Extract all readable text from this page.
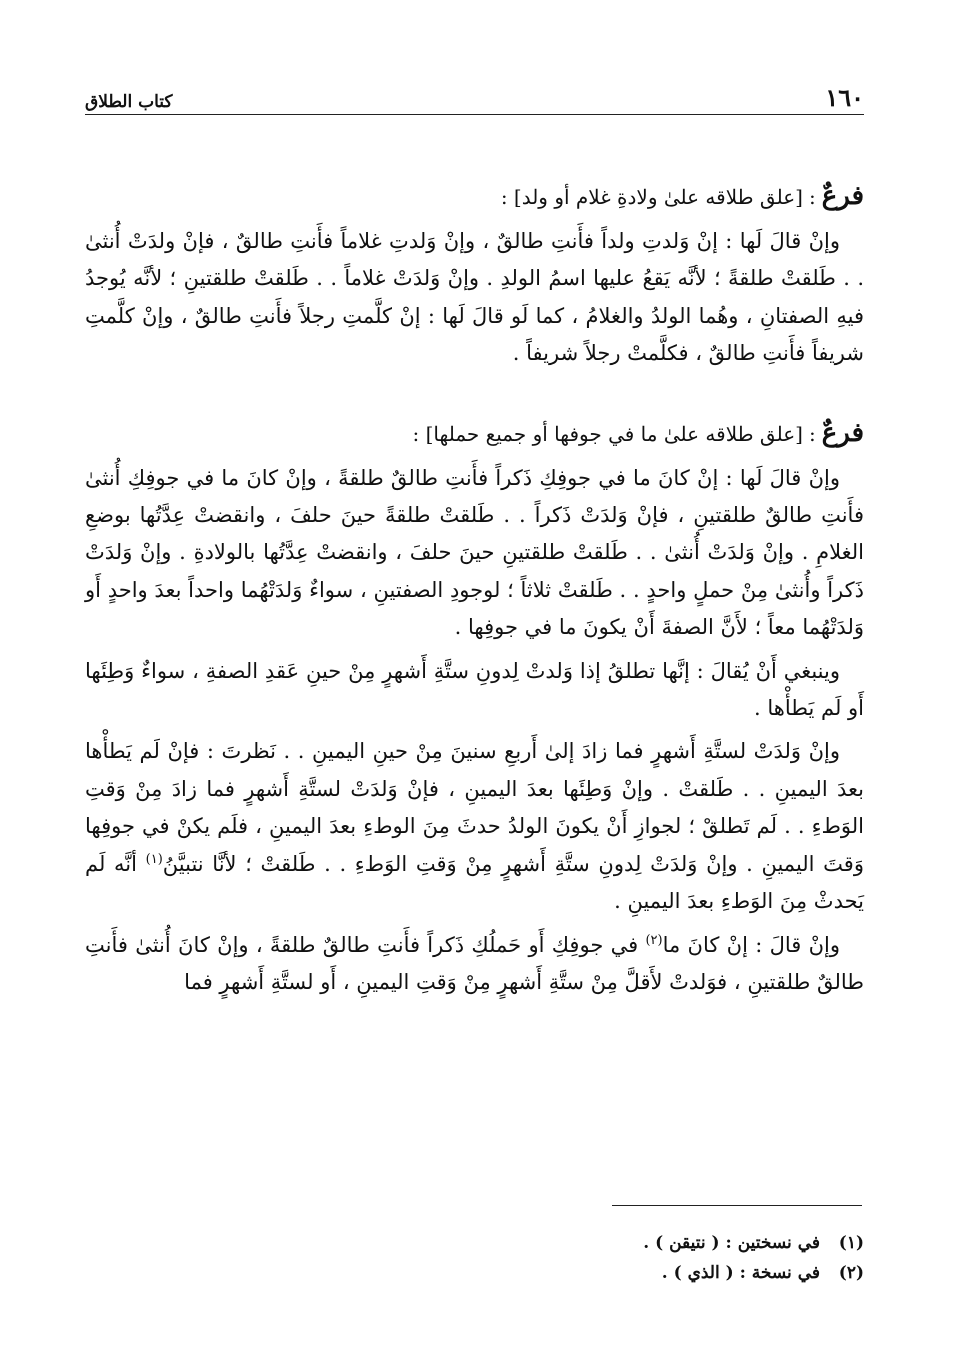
١٦٠
كتاب الطلاق

فرعٌ:[علق طلاقه علىٰ ولادةِ غلام أو ولد] :

وإنْ قالَ لَها : إنْ وَلدتِ ولداً فأَنتِ طالقٌ ، وإنْ وَلدتِ غلاماً فأَنتِ طالقٌ ، فإنْ ولدَتْ أُنثىٰ . . طَلقتْ طلقةً ؛ لأنَّه يَقعُ عليها اسمُ الولدِ . وإنْ وَلدَتْ غلاماً . . طَلقتْ طلقتينِ ؛ لأنَّه يُوجدُ فيهِ الصفتانِ ، وهُما الولدُ والغلامُ ، كما لَو قالَ لَها : إنْ كلَّمتِ رجلاً فأَنتِ طالقٌ ، وإنْ كلَّمتِ شريفاً فأَنتِ طالقٌ ، فكلَّمتْ رجلاً شريفاً .

فرعٌ:[علق طلاقه علىٰ ما في جوفها أو جميع حملها] :

وإنْ قالَ لَها : إنْ كانَ ما في جوفِكِ ذَكراً فأَنتِ طالقٌ طلقةً ، وإنْ كانَ ما في جوفِكِ أُنثىٰ فأَنتِ طالقٌ طلقتينِ ، فإنْ وَلدَتْ ذَكراً . . طَلقتْ طلقةً حينَ حلفَ ، وانقضتْ عِدَّتُها بوضعِ الغلامِ . وإنْ وَلدَتْ أُنثىٰ . . طَلقتْ طلقتينِ حينَ حلفَ ، وانقضتْ عِدَّتُها بالولادةِ . وإنْ وَلدَتْ ذَكراً وأُنثىٰ مِنْ حملٍ واحدٍ . . طَلقتْ ثلاثاً ؛ لوجودِ الصفتينِ ، سواءٌ وَلدَتْهُما واحداً بعدَ واحدٍ أَو وَلدَتْهُما معاً ؛ لأَنَّ الصفةَ أَنْ يكونَ ما في جوفِها .

وينبغي أَنْ يُقالَ : إنَّها تطلقُ إذا وَلدتْ لِدونِ ستَّةِ أَشهرٍ مِنْ حينِ عَقدِ الصفةِ ، سواءٌ وَطِئَها أَو لَم يَطأْها .

وإنْ وَلدَتْ لستَّةِ أَشهرٍ فما زادَ إلىٰ أَربعِ سنينَ مِنْ حينِ اليمينِ . . نَظرتَ : فإنْ لَم يَطأْها بعدَ اليمينِ . . طَلقتْ . وإنْ وَطِئَها بعدَ اليمينِ ، فإنْ وَلدَتْ لستَّةِ أَشهرٍ فما زادَ مِنْ وَقتِ الوَطءِ . . لَم تَطلقْ ؛ لجوازِ أَنْ يكونَ الولدُ حدثَ مِنَ الوطءِ بعدَ اليمينِ ، فلَم يكنْ في جوفِها وَقتَ اليمينِ . وإنْ وَلدَتْ لِدونِ ستَّةِ أَشهرٍ مِنْ وَقتِ الوَطءِ . . طَلقتْ ؛ لأنَّا نتبيَّنُ$^{(١)}$ أنَّه لَم يَحدثْ مِنَ الوَطءِ بعدَ اليمينِ .

وإنْ قالَ : إنْ كانَ ما$^{(٢)}$ في جوفِكِ أَو حَملُكِ ذَكراً فأَنتِ طالقٌ طلقةً ، وإنْ كانَ أُنثىٰ فأَنتِ طالقٌ طلقتينِ ، فوَلدتْ لأَقلَّ مِنْ ستَّةِ أَشهرٍ مِنْ وَقتِ اليمينِ ، أَو لستَّةِ أَشهرٍ فما

(١)
في نسختين : ( نتيقن ) .
(٢)
في نسخة : ( الذي ) .
